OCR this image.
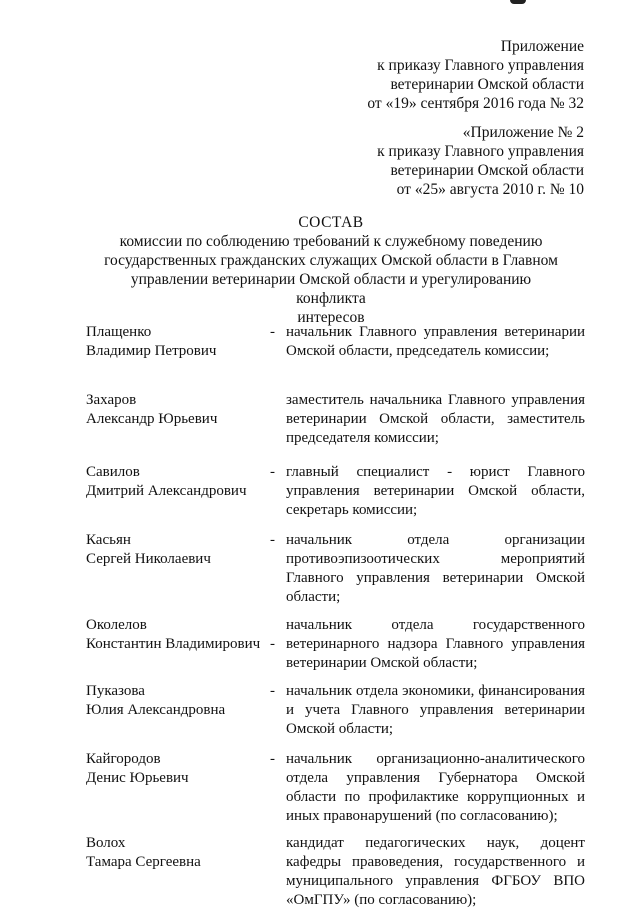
Приложение
к приказу Главного управления
ветеринарии Омской области
от «19» сентября 2016 года № 32
«Приложение № 2
к приказу Главного управления
ветеринарии Омской области
от «25» августа 2010 г. № 10
СОСТАВ
комиссии по соблюдению требований к служебному поведению
государственных гражданских служащих Омской области в Главном
управлении ветеринарии Омской области и урегулированию конфликта
интересов
Плащенко
Владимир Петрович
- начальник Главного управления ветеринарии Омской области, председатель комиссии;
Захаров
Александр Юрьевич
заместитель начальника Главного управления ветеринарии Омской области, заместитель председателя комиссии;
Савилов
Дмитрий Александрович
- главный специалист - юрист Главного управления ветеринарии Омской области, секретарь комиссии;
Касьян
Сергей Николаевич
- начальник отдела организации противоэпизоотических мероприятий Главного управления ветеринарии Омской области;
Околелов
Константин Владимирович -
начальник отдела государственного ветеринарного надзора Главного управления ветеринарии Омской области;
Пуказова
Юлия Александровна
- начальник отдела экономики, финансирования и учета Главного управления ветеринарии Омской области;
Кайгородов
Денис Юрьевич
- начальник организационно-аналитического отдела управления Губернатора Омской области по профилактике коррупционных и иных правонарушений (по согласованию);
Волох
Тамара Сергеевна
кандидат педагогических наук, доцент кафедры правоведения, государственного и муниципального управления ФГБОУ ВПО «ОмГПУ» (по согласованию);
